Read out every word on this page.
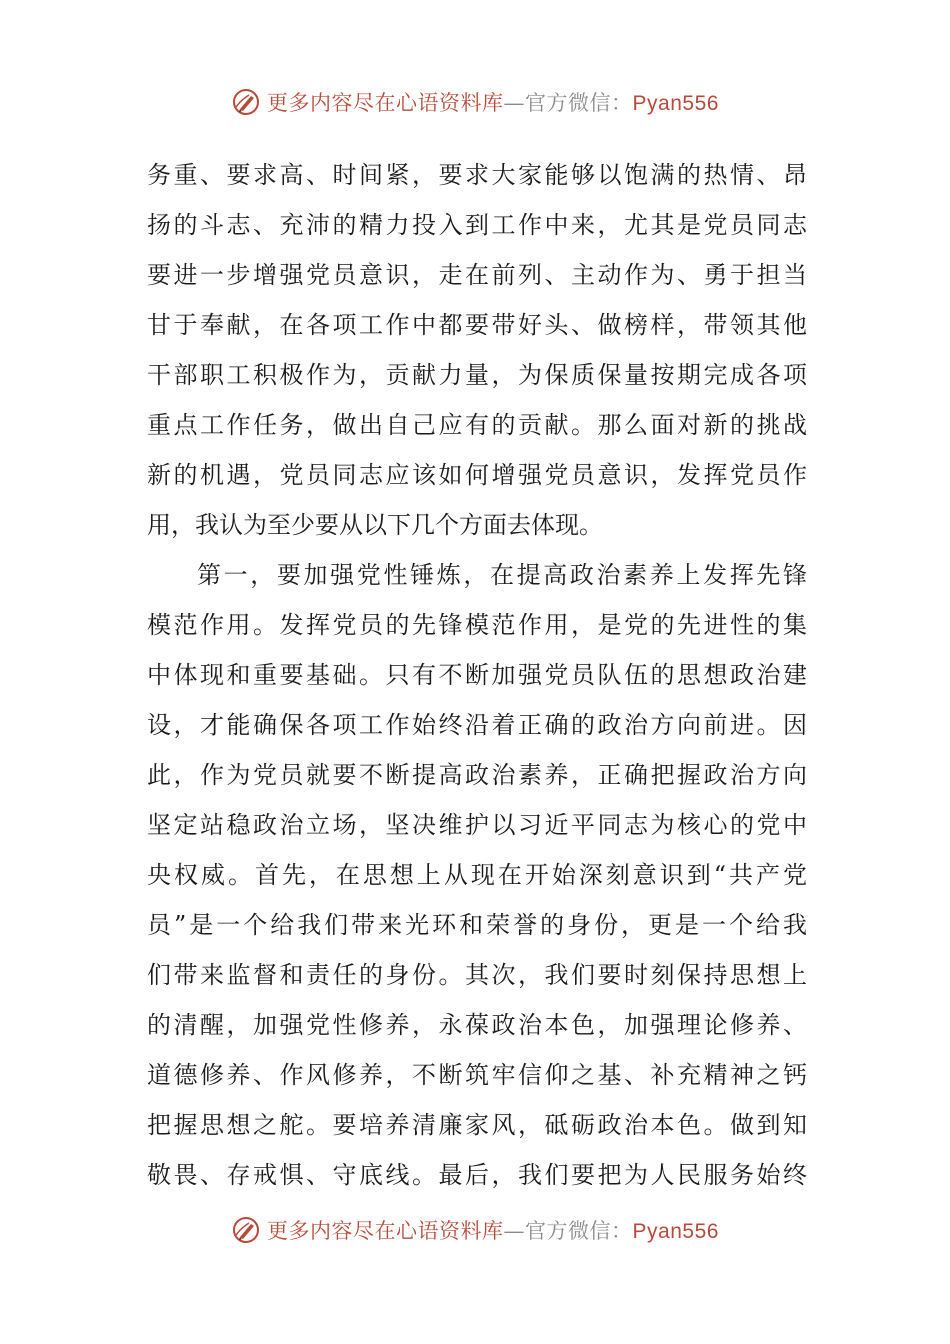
更多内容尽在心语资料库—官方微信：Pyan556
务重、要求高、时间紧，要求大家能够以饱满的热情、昂
扬的斗志、充沛的精力投入到工作中来，尤其是党员同志
要进一步增强党员意识，走在前列、主动作为、勇于担当
甘于奉献，在各项工作中都要带好头、做榜样，带领其他
干部职工积极作为，贡献力量，为保质保量按期完成各项
重点工作任务，做出自己应有的贡献。那么面对新的挑战
新的机遇，党员同志应该如何增强党员意识，发挥党员作
用，我认为至少要从以下几个方面去体现。
第一，要加强党性锤炼，在提高政治素养上发挥先锋
模范作用。发挥党员的先锋模范作用，是党的先进性的集
中体现和重要基础。只有不断加强党员队伍的思想政治建
设，才能确保各项工作始终沿着正确的政治方向前进。因
此，作为党员就要不断提高政治素养，正确把握政治方向
坚定站稳政治立场，坚决维护以习近平同志为核心的党中
央权威。首先，在思想上从现在开始深刻意识到“共产党
员”是一个给我们带来光环和荣誉的身份，更是一个给我
们带来监督和责任的身份。其次，我们要时刻保持思想上
的清醒，加强党性修养，永葆政治本色，加强理论修养、
道德修养、作风修养，不断筑牢信仰之基、补充精神之钙
把握思想之舵。要培养清廉家风，砥砺政治本色。做到知
敬畏、存戒惧、守底线。最后，我们要把为人民服务始终
更多内容尽在心语资料库—官方微信：Pyan556
